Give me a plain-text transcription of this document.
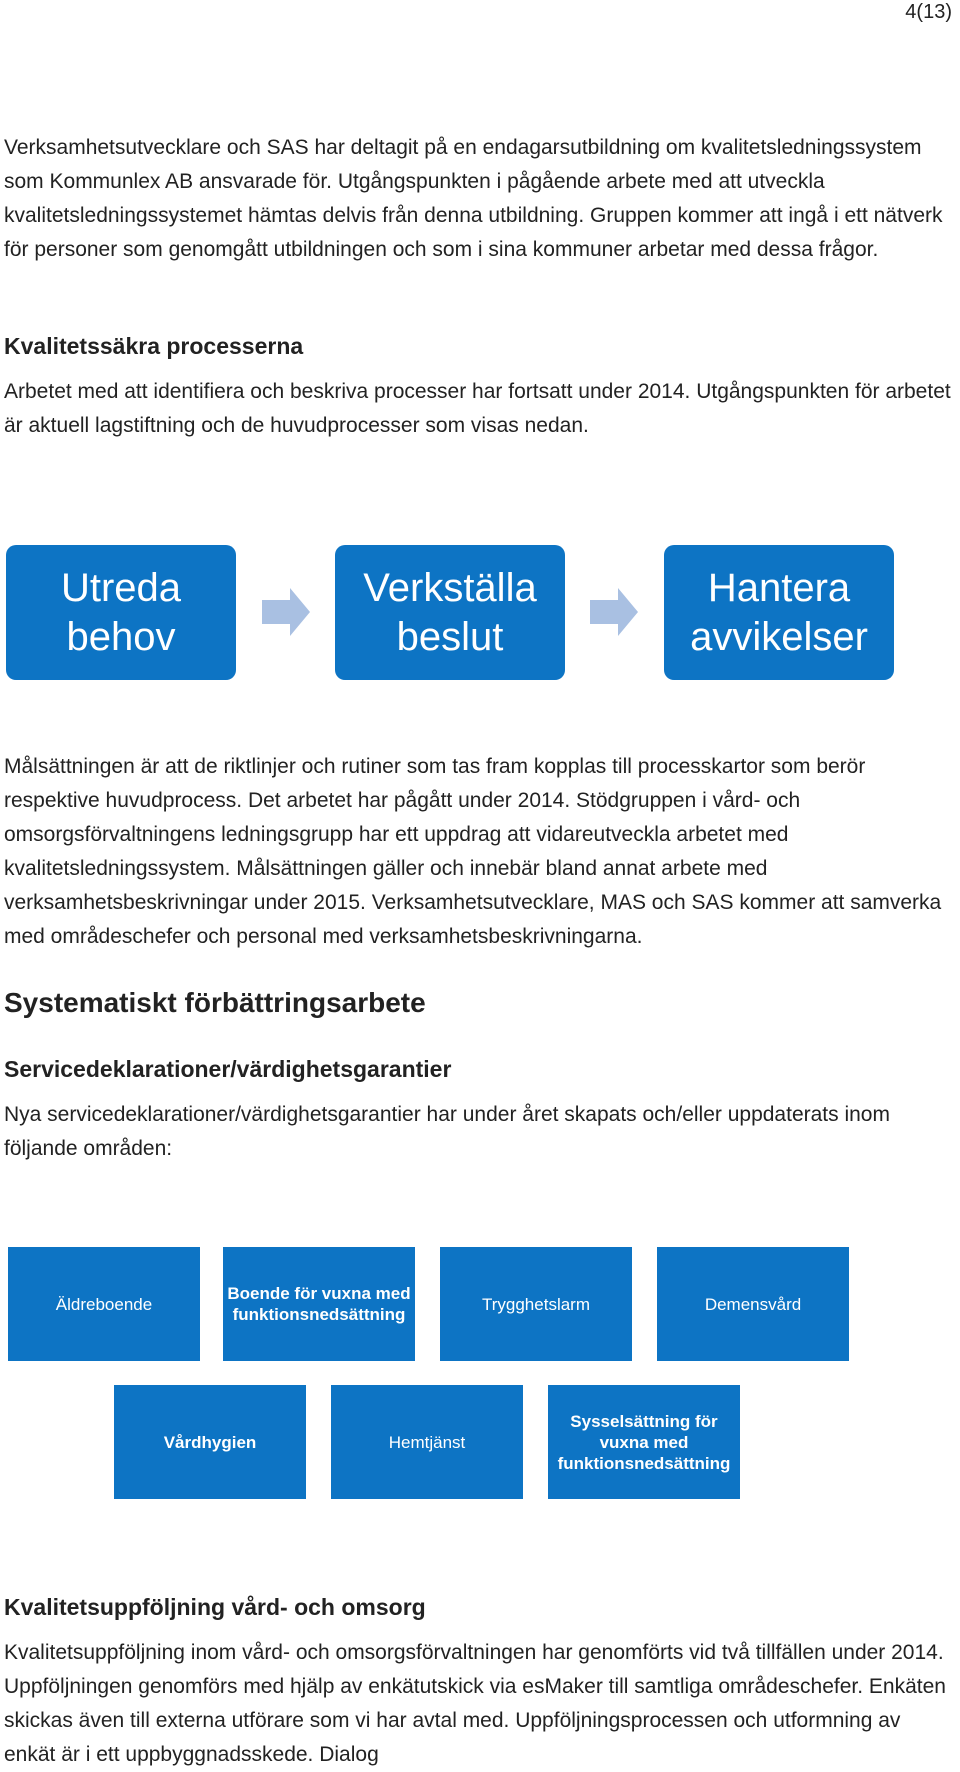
4(13)

Verksamhetsutvecklare och SAS har deltagit på en endagarsutbildning om kvalitetsledningssystem som Kommunlex AB ansvarade för. Utgångspunkten i pågående arbete med att utveckla kvalitetsledningssystemet hämtas delvis från denna utbildning. Gruppen kommer att ingå i ett nätverk för personer som genomgått utbildningen och som i sina kommuner arbetar med dessa frågor.

Kvalitetssäkra processerna

Arbetet med att identifiera och beskriva processer har fortsatt under 2014. Utgångspunkten för arbetet är aktuell lagstiftning och de huvudprocesser som visas nedan.

Utreda
behov
Verkställa
beslut
Hantera
avvikelser

Målsättningen är att de riktlinjer och rutiner som tas fram kopplas till processkartor som berör respektive huvudprocess. Det arbetet har pågått under 2014. Stödgruppen i vård- och omsorgsförvaltningens ledningsgrupp har ett uppdrag att vidareutveckla arbetet med kvalitetsledningssystem. Målsättningen gäller och innebär bland annat arbete med verksamhetsbeskrivningar under 2015. Verksamhetsutvecklare, MAS och SAS kommer att samverka med områdeschefer och personal med verksamhetsbeskrivningarna.

Systematiskt förbättringsarbete
Servicedeklarationer/värdighetsgarantier

Nya servicedeklarationer/värdighetsgarantier har under året skapats och/eller uppdaterats inom följande områden:

Äldreboende
Boende för vuxna med
funktionsnedsättning
Trygghetslarm	Demensvård
Vårdhygien	Hemtjänst
Sysselsättning för
vuxna med
funktionsnedsättning
Kvalitetsuppföljning vård- och omsorg

Kvalitetsuppföljning inom vård- och omsorgsförvaltningen har genomförts vid två tillfällen under 2014. Uppföljningen genomförs med hjälp av enkätutskick via esMaker till samtliga områdeschefer. Enkäten skickas även till externa utförare som vi har avtal med. Uppföljningsprocessen och utformning av enkät är i ett uppbyggnadsskede. Dialog
